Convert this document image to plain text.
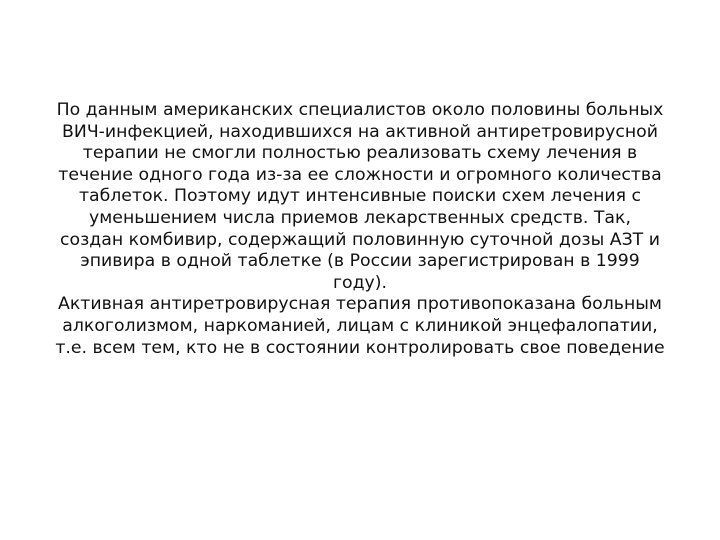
По данным американских специалистов около половины больных
ВИЧ-инфекцией, находившихся на активной антиретровирусной
терапии не смогли полностью реализовать схему лечения в
течение одного года из-за ее сложности и огромного количества
таблеток. Поэтому идут интенсивные поиски схем лечения с
уменьшением числа приемов лекарственных средств. Так,
создан комбивир, содержащий половинную суточной дозы АЗТ и
эпивира в одной таблетке (в России зарегистрирован в 1999
году).
Активная антиретровирусная терапия противопоказана больным
алкоголизмом, наркоманией, лицам с клиникой энцефалопатии,
т.е. всем тем, кто не в состоянии контролировать свое поведение
